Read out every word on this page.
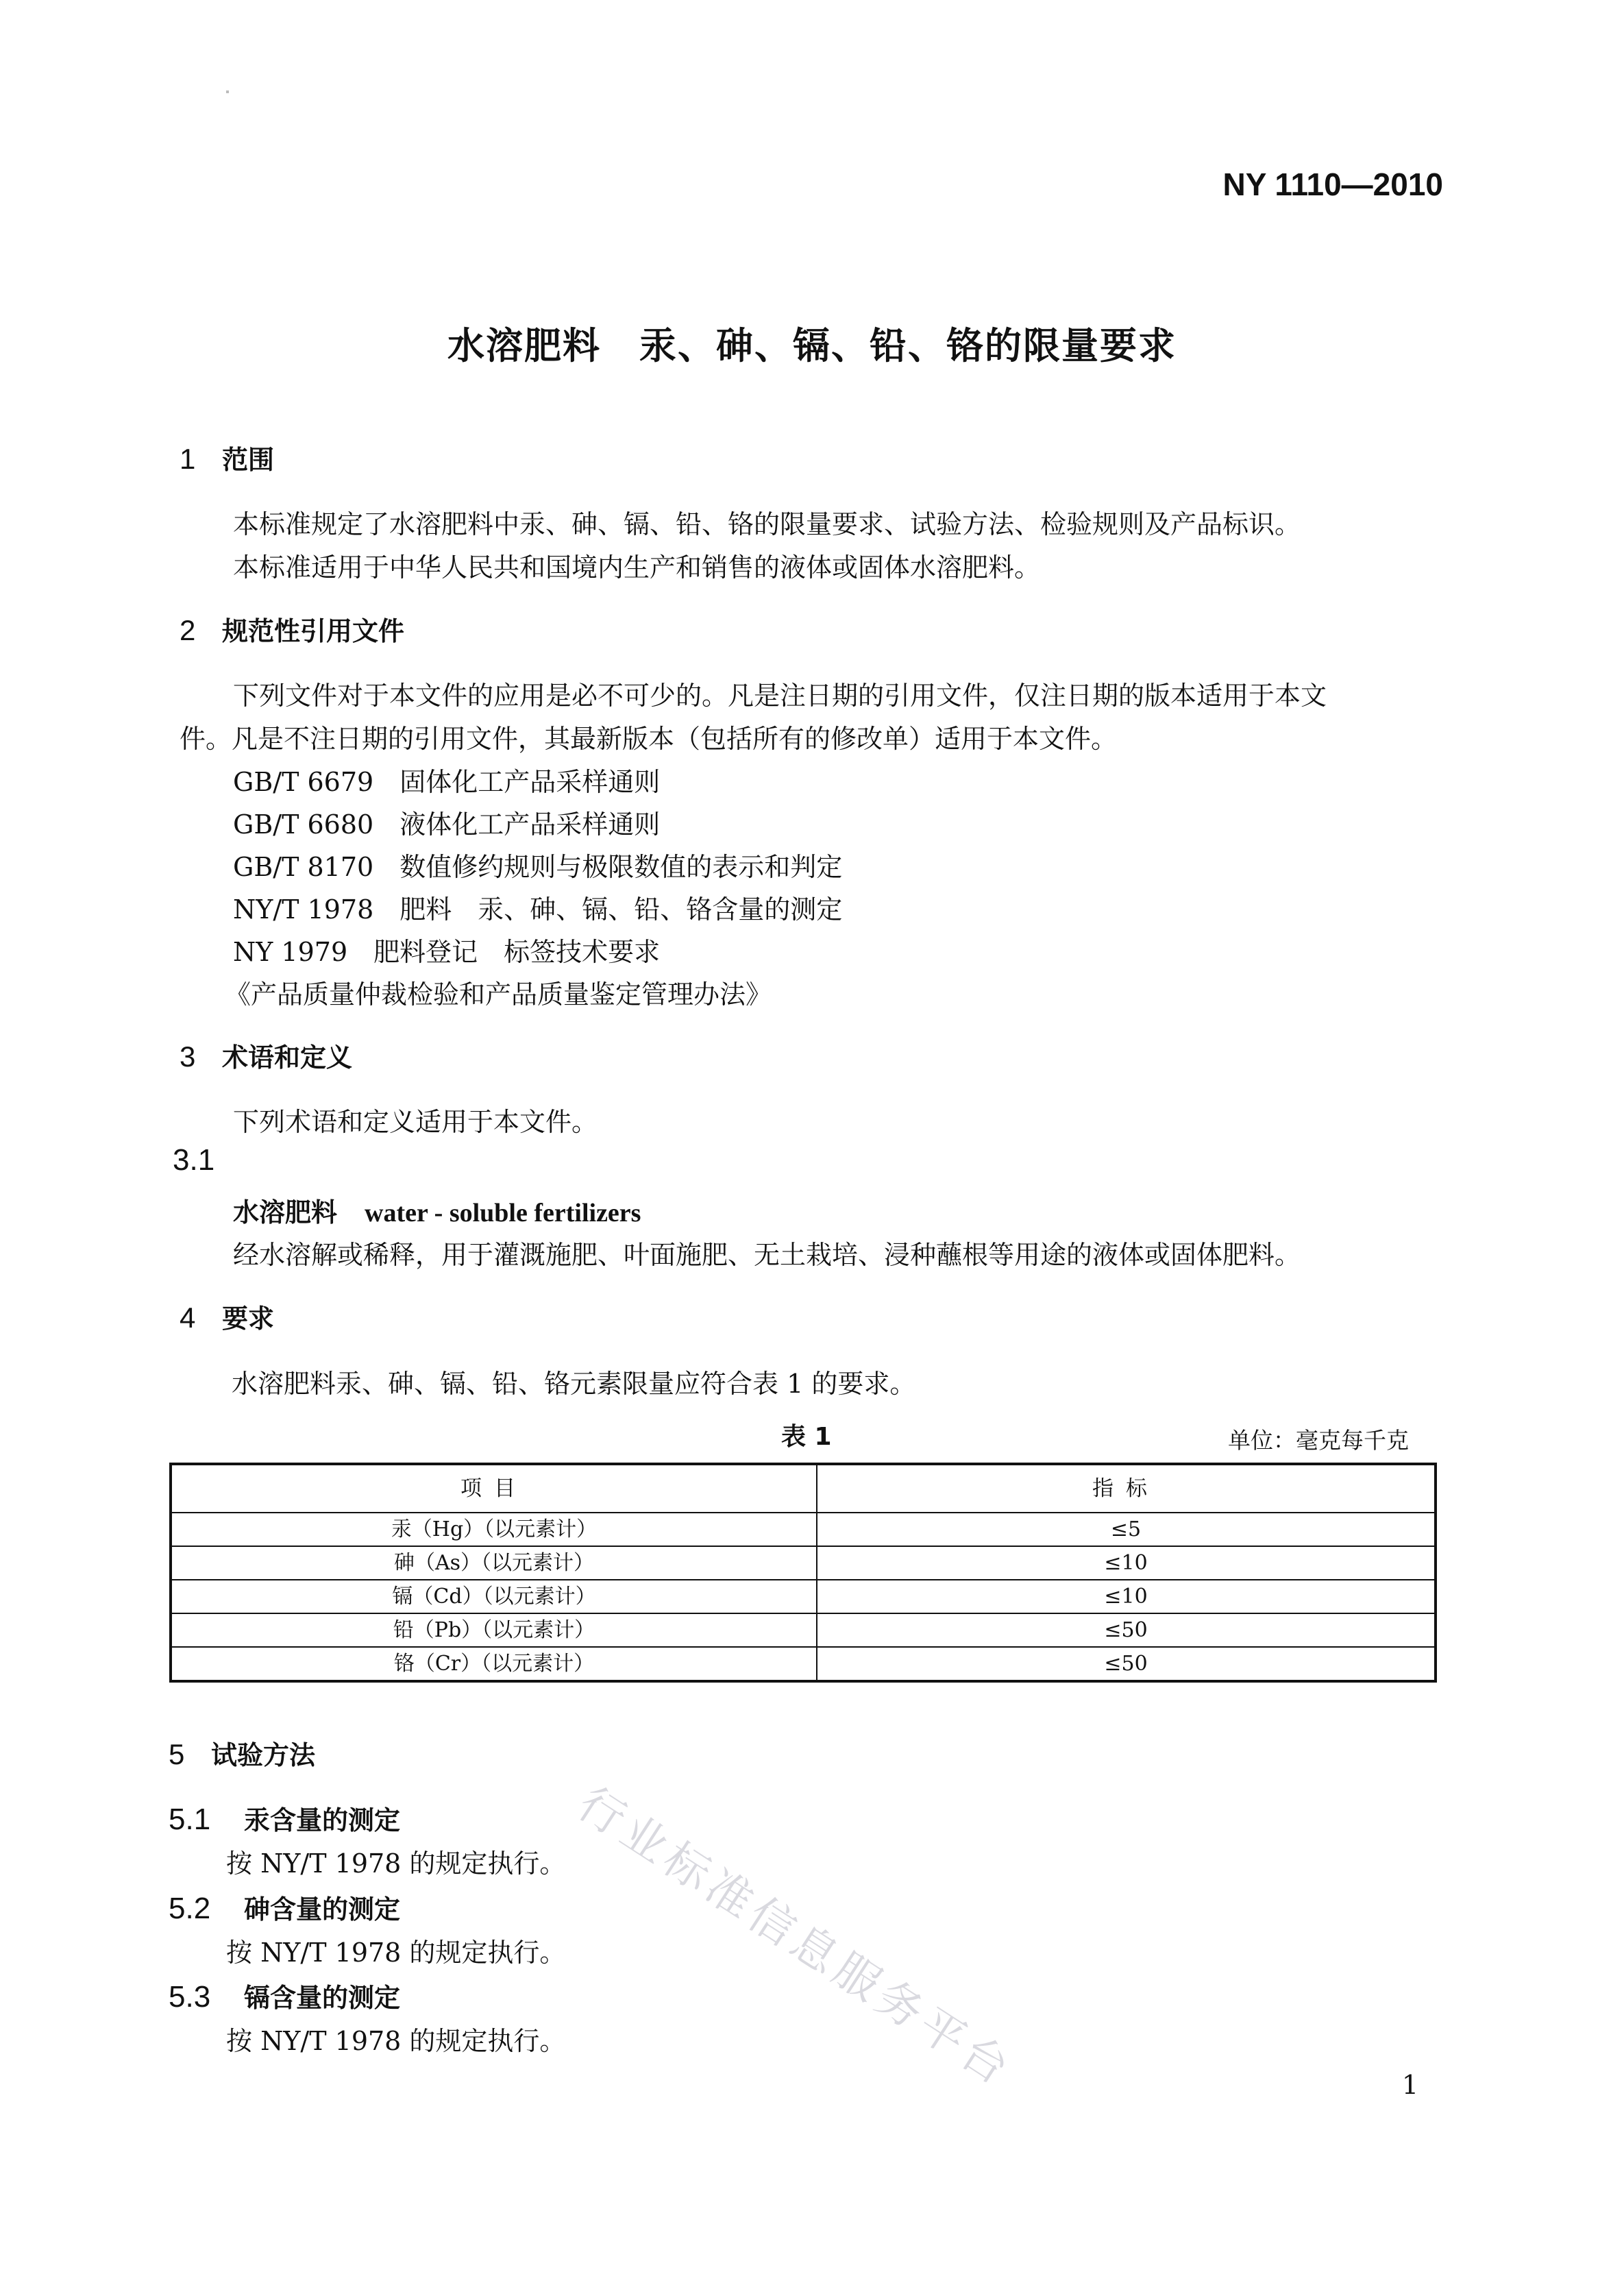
NY 1110—2010
水溶肥料　汞、砷、镉、铅、铬的限量要求
1 范围
本标准规定了水溶肥料中汞、砷、镉、铅、铬的限量要求、试验方法、检验规则及产品标识。
本标准适用于中华人民共和国境内生产和销售的液体或固体水溶肥料。
2 规范性引用文件
下列文件对于本文件的应用是必不可少的。凡是注日期的引用文件，仅注日期的版本适用于本文
件。凡是不注日期的引用文件，其最新版本（包括所有的修改单）适用于本文件。
GB/T 6679　固体化工产品采样通则
GB/T 6680　液体化工产品采样通则
GB/T 8170　数值修约规则与极限数值的表示和判定
NY/T 1978　肥料　汞、砷、镉、铅、铬含量的测定
NY 1979　肥料登记　标签技术要求
《产品质量仲裁检验和产品质量鉴定管理办法》
3 术语和定义
下列术语和定义适用于本文件。
3.1
水溶肥料 water - soluble fertilizers
经水溶解或稀释，用于灌溉施肥、叶面施肥、无土栽培、浸种蘸根等用途的液体或固体肥料。
4 要求
水溶肥料汞、砷、镉、铅、铬元素限量应符合表 1 的要求。
表 1	单位：毫克每千克
项目	指标
汞（Hg）（以元素计）	≤5
砷（As）（以元素计）	≤10
镉（Cd）（以元素计）	≤10
铅（Pb）（以元素计）	≤50
铬（Cr）（以元素计）	≤50
5 试验方法
5.1 汞含量的测定
按 NY/T 1978 的规定执行。
5.2 砷含量的测定
按 NY/T 1978 的规定执行。
5.3 镉含量的测定
按 NY/T 1978 的规定执行。 行业标准信息服务平台	1
